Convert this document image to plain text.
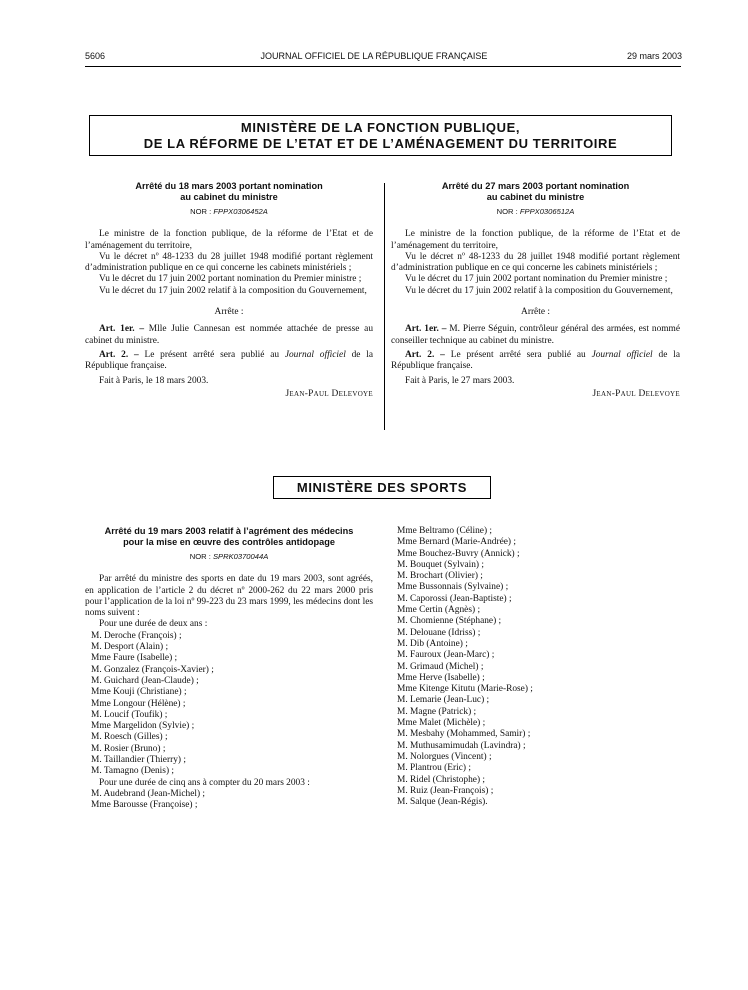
5606	JOURNAL OFFICIEL DE LA RÉPUBLIQUE FRANÇAISE	29 mars 2003
MINISTÈRE DE LA FONCTION PUBLIQUE,
DE LA RÉFORME DE L’ETAT ET DE L’AMÉNAGEMENT DU TERRITOIRE
Arrêté du 18 mars 2003 portant nomination
au cabinet du ministre
NOR : FPPX0306452A

Le ministre de la fonction publique, de la réforme de l’Etat et de l’aménagement du territoire,

Vu le décret nº 48-1233 du 28 juillet 1948 modifié portant règlement d’administration publique en ce qui concerne les cabinets ministériels ;

Vu le décret du 17 juin 2002 portant nomination du Premier ministre ;

Vu le décret du 17 juin 2002 relatif à la composition du Gouvernement,

Arrête :

Art. 1er. – Mlle Julie Cannesan est nommée attachée de presse au cabinet du ministre.

Art. 2. – Le présent arrêté sera publié au Journal officiel de la République française.

Fait à Paris, le 18 mars 2003.

Jean-Paul Delevoye
Arrêté du 27 mars 2003 portant nomination
au cabinet du ministre
NOR : FPPX0306512A

Le ministre de la fonction publique, de la réforme de l’Etat et de l’aménagement du territoire,

Vu le décret nº 48-1233 du 28 juillet 1948 modifié portant règlement d’administration publique en ce qui concerne les cabinets ministériels ;

Vu le décret du 17 juin 2002 portant nomination du Premier ministre ;

Vu le décret du 17 juin 2002 relatif à la composition du Gouvernement,

Arrête :

Art. 1er. – M. Pierre Séguin, contrôleur général des armées, est nommé conseiller technique au cabinet du ministre.

Art. 2. – Le présent arrêté sera publié au Journal officiel de la République française.

Fait à Paris, le 27 mars 2003.

Jean-Paul Delevoye
MINISTÈRE DES SPORTS
Arrêté du 19 mars 2003 relatif à l’agrément des médecins
pour la mise en œuvre des contrôles antidopage
NOR : SPRK0370044A

Par arrêté du ministre des sports en date du 19 mars 2003, sont agréés, en application de l’article 2 du décret nº 2000-262 du 22 mars 2000 pris pour l’application de la loi nº 99-223 du 23 mars 1999, les médecins dont les noms suivent :

Pour une durée de deux ans :

M. Deroche (François) ;
M. Desport (Alain) ;
Mme Faure (Isabelle) ;
M. Gonzalez (François-Xavier) ;
M. Guichard (Jean-Claude) ;
Mme Kouji (Christiane) ;
Mme Longour (Hélène) ;
M. Loucif (Toufik) ;
Mme Margelidon (Sylvie) ;
M. Roesch (Gilles) ;
M. Rosier (Bruno) ;
M. Taillandier (Thierry) ;
M. Tamagno (Denis) ;

Pour une durée de cinq ans à compter du 20 mars 2003 :

M. Audebrand (Jean-Michel) ;
Mme Barousse (Françoise) ;
Mme Beltramo (Céline) ;
Mme Bernard (Marie-Andrée) ;
Mme Bouchez-Buvry (Annick) ;
M. Bouquet (Sylvain) ;
M. Brochart (Olivier) ;
Mme Bussonnais (Sylvaine) ;
M. Caporossi (Jean-Baptiste) ;
Mme Certin (Agnès) ;
M. Chomienne (Stéphane) ;
M. Delouane (Idriss) ;
M. Dib (Antoine) ;
M. Fauroux (Jean-Marc) ;
M. Grimaud (Michel) ;
Mme Herve (Isabelle) ;
Mme Kitenge Kitutu (Marie-Rose) ;
M. Lemarie (Jean-Luc) ;
M. Magne (Patrick) ;
Mme Malet (Michèle) ;
M. Mesbahy (Mohammed, Samir) ;
M. Muthusamimudah (Lavindra) ;
M. Nolorgues (Vincent) ;
M. Plantrou (Eric) ;
M. Ridel (Christophe) ;
M. Ruiz (Jean-François) ;
M. Salque (Jean-Régis).
